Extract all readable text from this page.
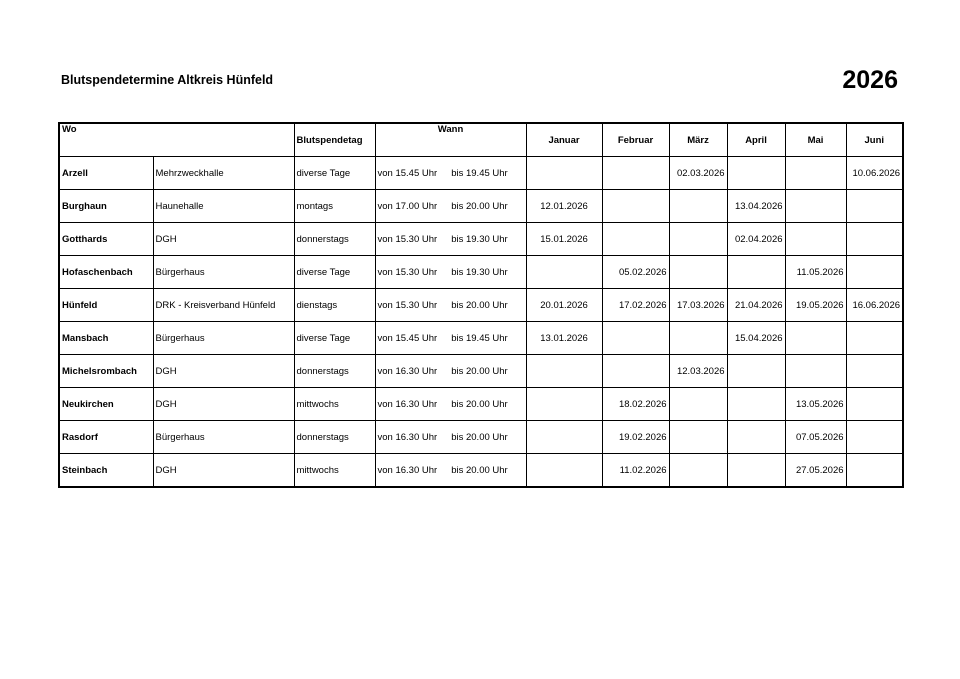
Blutspendetermine Altkreis Hünfeld	2026
Wo		Blutspendetag	Wann	Januar	Februar	März	April	Mai	Juni
Arzell	Mehrzweckhalle	diverse Tage	von 15.45 Uhr bis 19.45 Uhr			02.03.2026			10.06.2026
Burghaun	Haunehalle	montags	von 17.00 Uhr bis 20.00 Uhr	12.01.2026			13.04.2026		
Gotthards	DGH	donnerstags	von 15.30 Uhr bis 19.30 Uhr	15.01.2026			02.04.2026		
Hofaschenbach	Bürgerhaus	diverse Tage	von 15.30 Uhr bis 19.30 Uhr		05.02.2026			11.05.2026	
Hünfeld	DRK - Kreisverband Hünfeld	dienstags	von 15.30 Uhr bis 20.00 Uhr	20.01.2026	17.02.2026	17.03.2026	21.04.2026	19.05.2026	16.06.2026
Mansbach	Bürgerhaus	diverse Tage	von 15.45 Uhr bis 19.45 Uhr	13.01.2026			15.04.2026		
Michelsrombach	DGH	donnerstags	von 16.30 Uhr bis 20.00 Uhr			12.03.2026			
Neukirchen	DGH	mittwochs	von 16.30 Uhr bis 20.00 Uhr		18.02.2026			13.05.2026	
Rasdorf	Bürgerhaus	donnerstags	von 16.30 Uhr bis 20.00 Uhr		19.02.2026			07.05.2026	
Steinbach	DGH	mittwochs	von 16.30 Uhr bis 20.00 Uhr		11.02.2026			27.05.2026	
